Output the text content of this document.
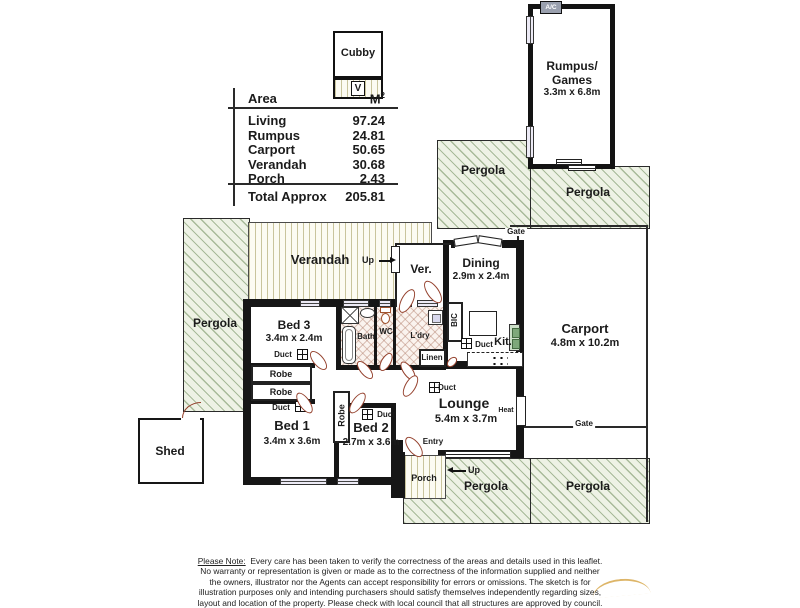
A/C
Cubby
V
Area	$M^2$
Living	97.24
Rumpus	24.81
Carport	50.65
Verandah	30.68
Porch	2.43
Total Approx	205.81
Rumpus/
Games
3.3m x 6.8m
Pergola
Pergola
Pergola
Pergola	Pergola
Verandah Up
Ver.	Dining
2.9m x 2.4m
Gate
Gate
Carport
4.8m x 10.2m
Bed 3
3.4m x 2.4m
Duct
Bath
WC L'dry
Linen
BIC
Kit.
Duct
Robe
Robe
Robe
Bed 1
3.4m x 3.6m
Duct
Bed 2
2.7m x 3.6m
Duct
Lounge
5.4m x 3.7m
Duct
Heat
Entry
Porch
Up
Shed
Please Note: Every care has been taken to verify the correctness of the areas and details used in this leaflet.
No warranty or representation is given or made as to the correctness of the information supplied and neither
the owners, illustrator nor the Agents can accept responsibility for errors or omissions. The sketch is for
illustration purposes only and intending purchasers should satisfy themselves independently regarding sizes,
layout and location of the property. Please check with local council that all structures are approved by council.
